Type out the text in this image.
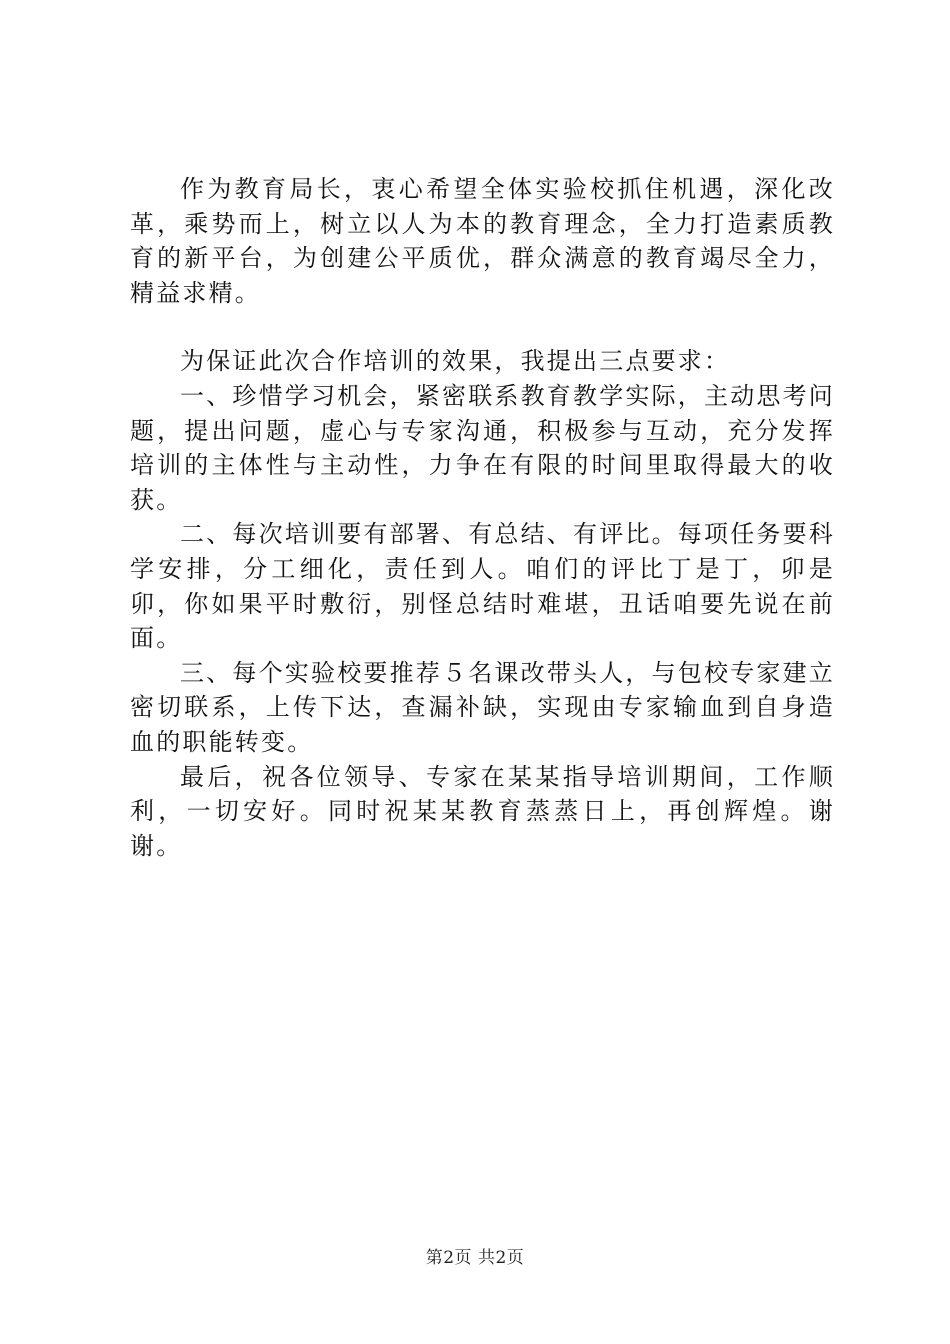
作为教育局长，衷心希望全体实验校抓住机遇，深化改革，乘势而上，树立以人为本的教育理念，全力打造素质教育的新平台，为创建公平质优，群众满意的教育竭尽全力，精益求精。

为保证此次合作培训的效果，我提出三点要求：

一、珍惜学习机会，紧密联系教育教学实际，主动思考问题，提出问题，虚心与专家沟通，积极参与互动，充分发挥培训的主体性与主动性，力争在有限的时间里取得最大的收获。

二、每次培训要有部署、有总结、有评比。每项任务要科学安排，分工细化，责任到人。咱们的评比丁是丁，卯是卯，你如果平时敷衍，别怪总结时难堪，丑话咱要先说在前面。

三、每个实验校要推荐５名课改带头人，与包校专家建立密切联系，上传下达，查漏补缺，实现由专家输血到自身造血的职能转变。

最后，祝各位领导、专家在某某指导培训期间，工作顺利，一切安好。同时祝某某教育蒸蒸日上，再创辉煌。谢谢。

第2页 共2页
